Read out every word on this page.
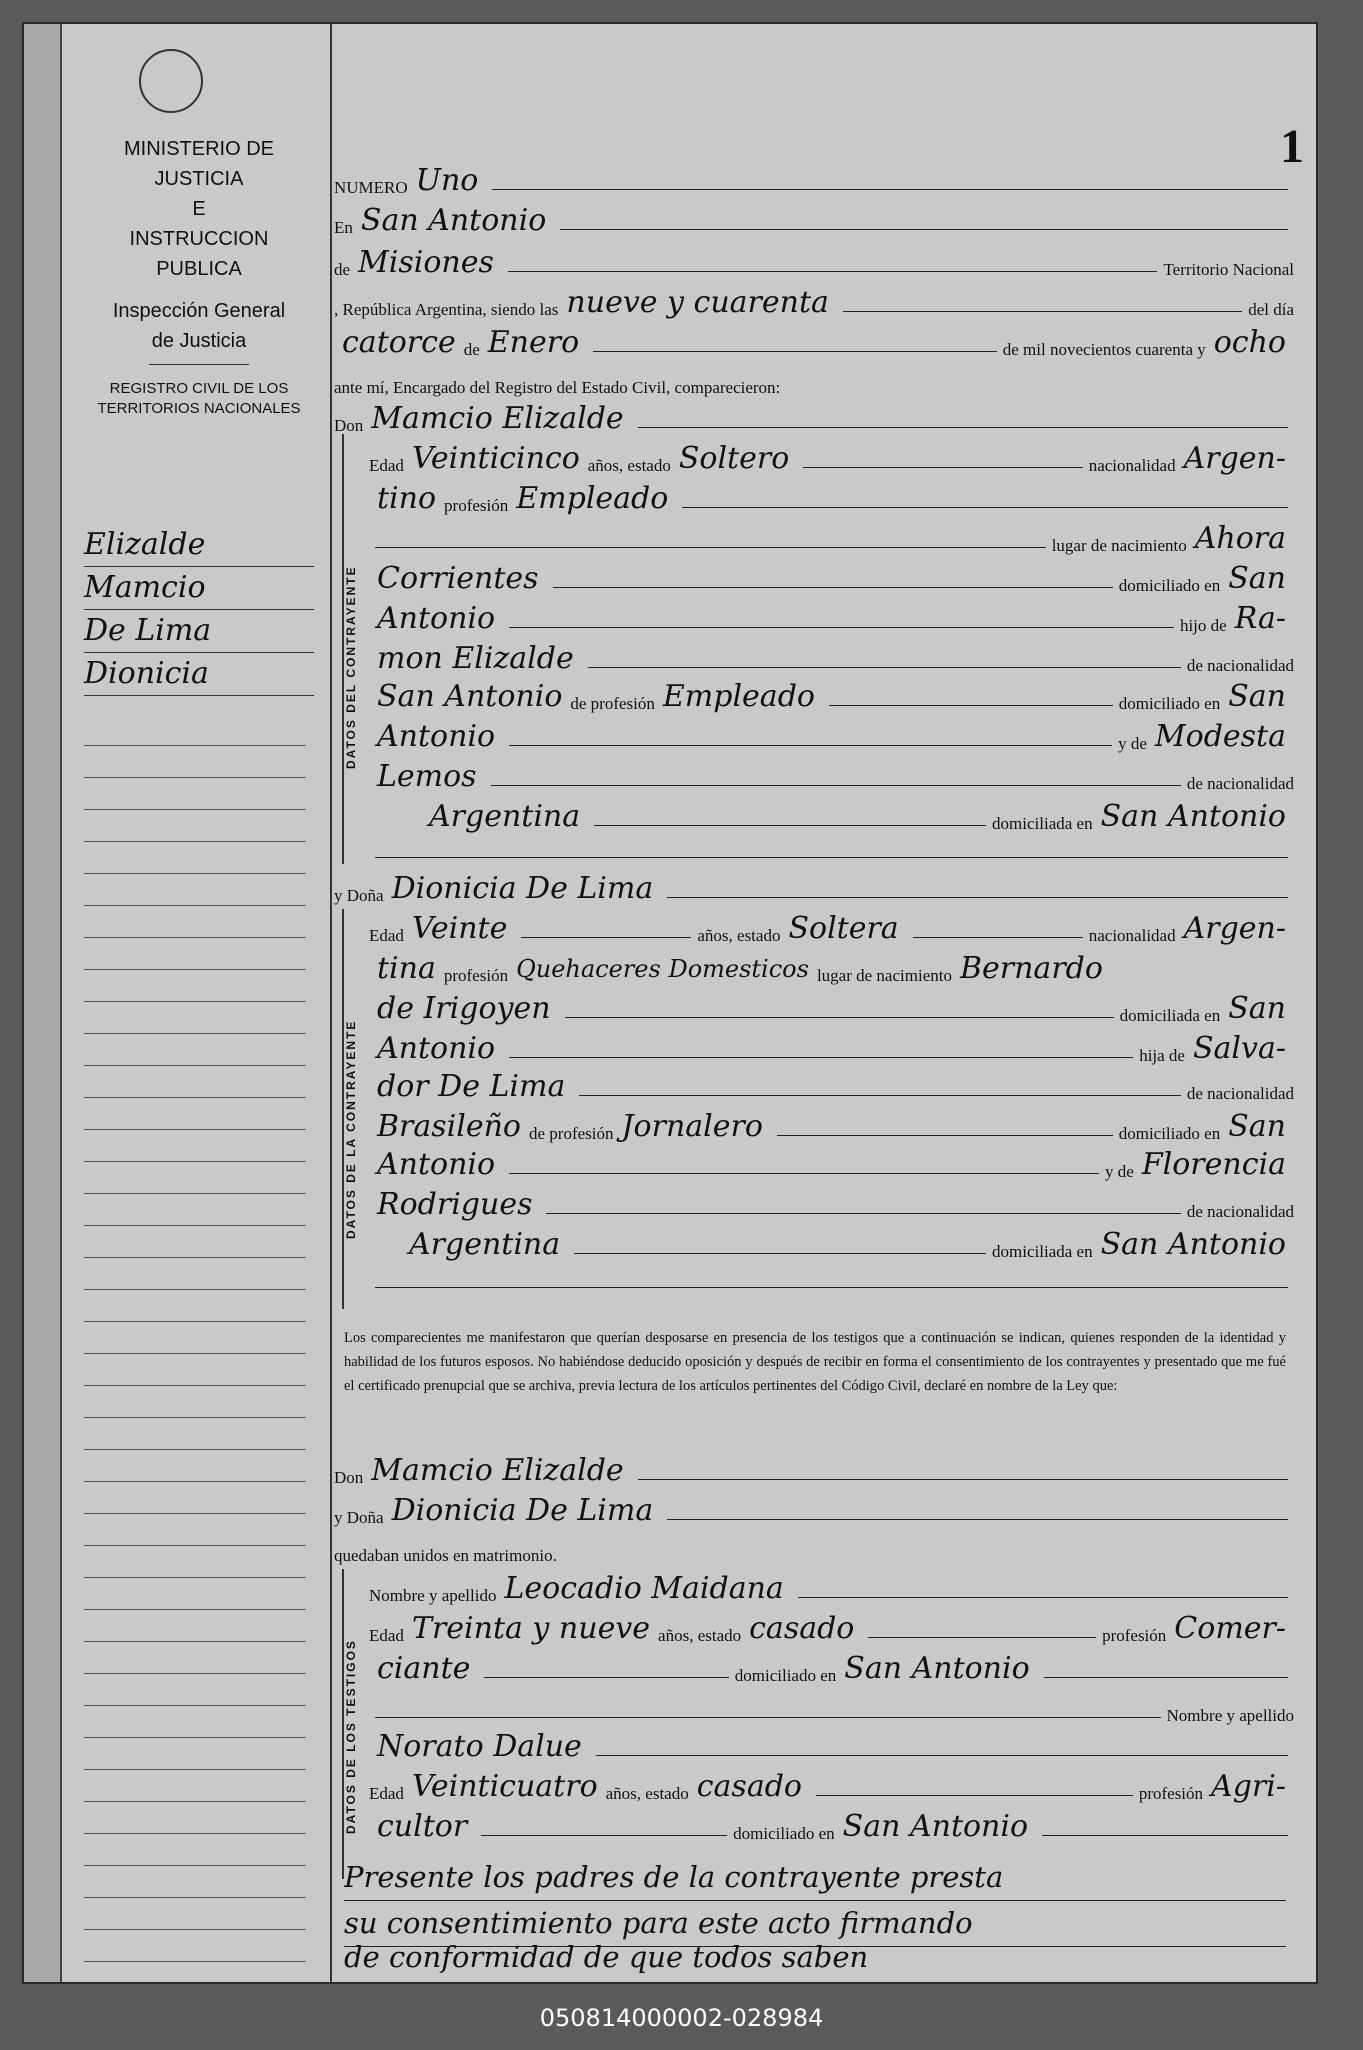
MINISTERIO DE JUSTICIA
E
INSTRUCCION PUBLICA
Inspección General
de Justicia
REGISTRO CIVIL DE LOS
TERRITORIOS NACIONALES
Elizalde
Mamcio
De Lima
Dionicia
1
NUMERO Uno
En San Antonio
de Misiones	Territorio Nacional
, República Argentina, siendo las nueve y cuarenta	del día
catorce de Enero	de mil novecientos cuarenta y ocho
ante mí, Encargado del Registro del Estado Civil, comparecieron:
Don Mamcio Elizalde
DATOS DEL CONTRAYENTE
Edad Veinticinco años, estado Soltero	nacionalidad Argen-
tino profesión Empleado
lugar de nacimiento Ahora
Corrientes	domiciliado en San
Antonio	hijo de Ra-
mon Elizalde	de nacionalidad
San Antonio de profesión Empleado	domiciliado en San
Antonio	y de Modesta
Lemos	de nacionalidad
Argentina	domiciliada en San Antonio
y Doña Dionicia De Lima
DATOS DE LA CONTRAYENTE
Edad Veinte	años, estado Soltera	nacionalidad Argen-
tina profesión Quehaceres Domesticos lugar de nacimiento Bernardo
de Irigoyen	domiciliada en San
Antonio	hija de Salva-
dor De Lima	de nacionalidad
Brasileño de profesión Jornalero	domiciliado en San
Antonio	y de Florencia
Rodrigues	de nacionalidad
Argentina	domiciliada en San Antonio
Los comparecientes me manifestaron que querían desposarse en presencia de los testigos que a continuación se indican, quienes responden de la identidad y habilidad de los futuros esposos. No habiéndose deducido oposición y después de recibir en forma el consentimiento de los contrayentes y presentado que me fué el certificado prenupcial que se archiva, previa lectura de los artículos pertinentes del Código Civil, declaré en nombre de la Ley que:
Don Mamcio Elizalde
y Doña Dionicia De Lima
quedaban unidos en matrimonio.
DATOS DE LOS TESTIGOS
Nombre y apellido Leocadio Maidana
Edad Treinta y nueve años, estado casado	profesión Comer-
ciante	domiciliado en San Antonio
Nombre y apellido
Norato Dalue
Edad Veinticuatro años, estado casado	profesión Agri-
cultor	domiciliado en San Antonio
Presente los padres de la contrayente presta
su consentimiento para este acto firmando
de conformidad de que todos saben
050814000002-028984
